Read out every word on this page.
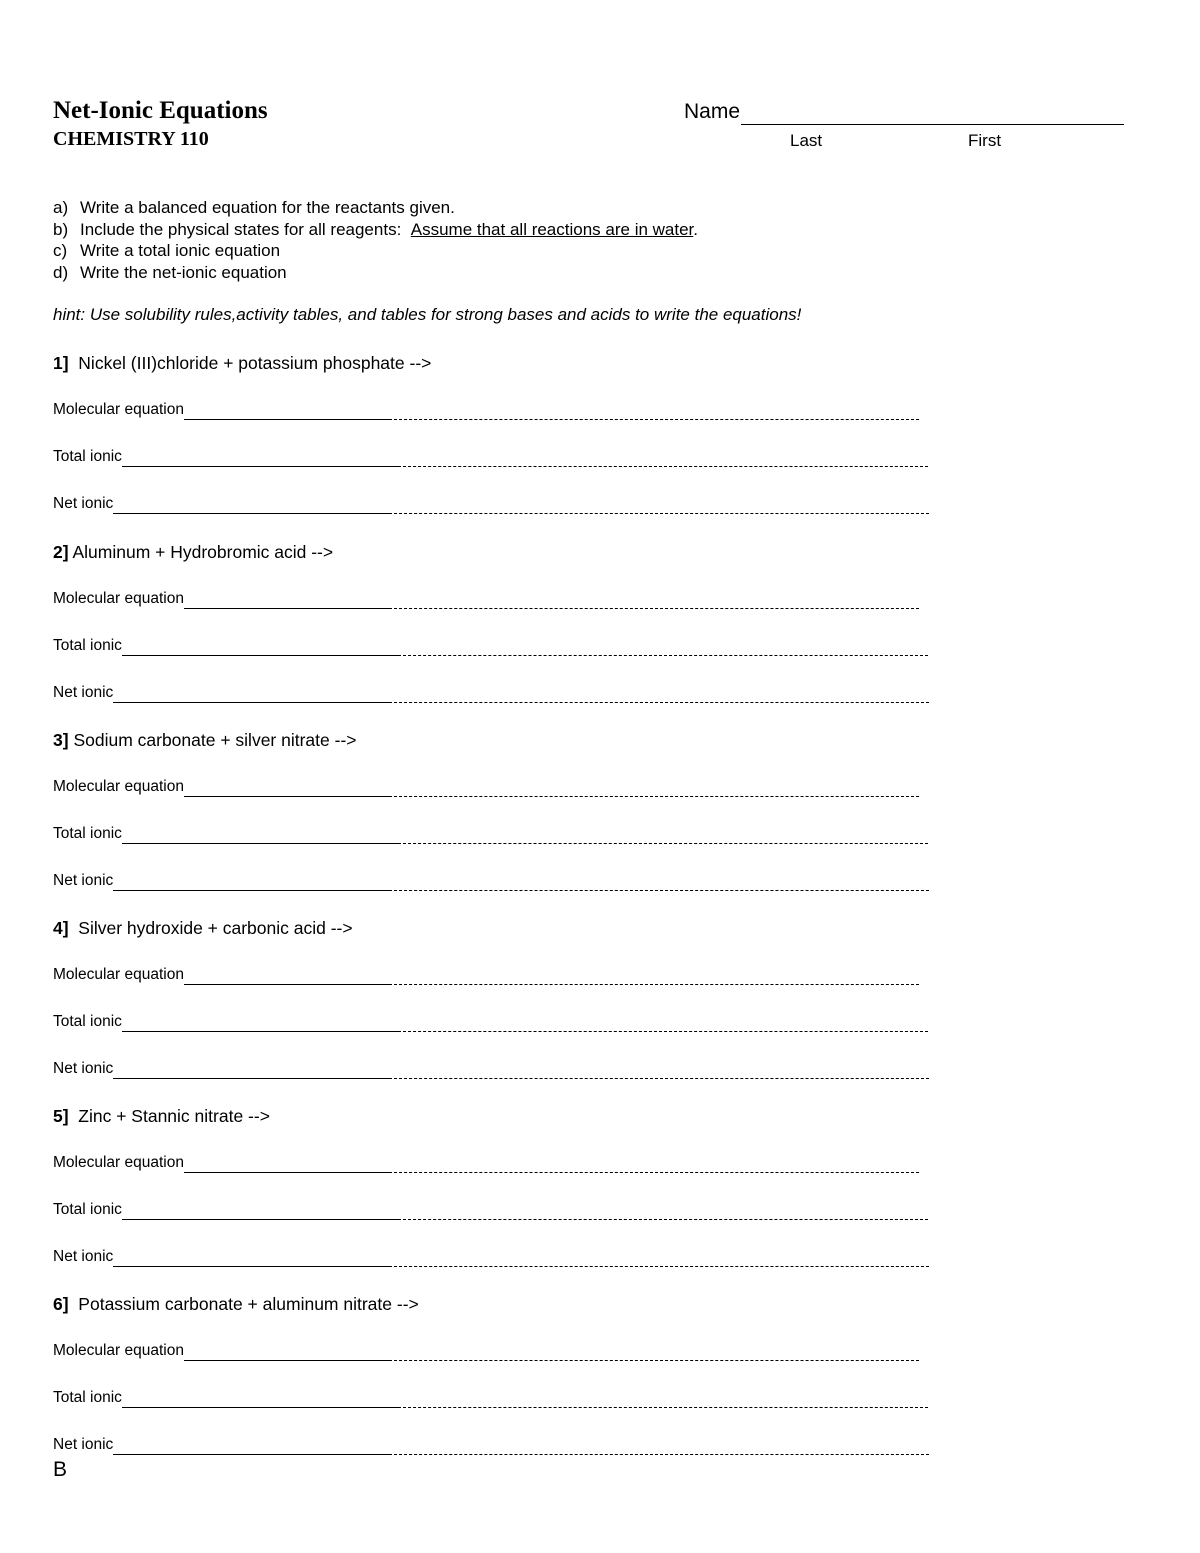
Net-Ionic Equations
CHEMISTRY 110
Name
Last	First
a) Write a balanced equation for the reactants given.
b) Include the physical states for all reagents: Assume that all reactions are in water.
c) Write a total ionic equation
d) Write the net-ionic equation
hint: Use solubility rules,activity tables, and tables for strong bases and acids to write the equations!
1] Nickel (III)chloride + potassium phosphate -->
Molecular equation
Total ionic
Net ionic
2] Aluminum + Hydrobromic acid -->
Molecular equation
Total ionic
Net ionic
3] Sodium carbonate + silver nitrate -->
Molecular equation
Total ionic
Net ionic
4] Silver hydroxide + carbonic acid -->
Molecular equation
Total ionic
Net ionic
5] Zinc + Stannic nitrate -->
Molecular equation
Total ionic
Net ionic
6] Potassium carbonate + aluminum nitrate -->
Molecular equation
Total ionic
Net ionic
B
